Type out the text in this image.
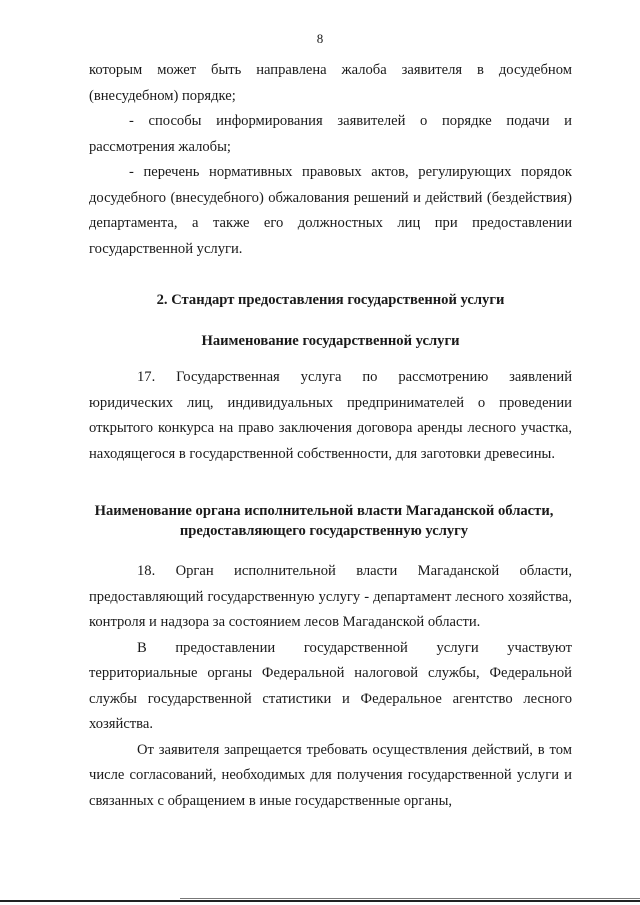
8

которым может быть направлена жалоба заявителя в досудебном (внесудебном) порядке;

- способы информирования заявителей о порядке подачи и рассмотрения жалобы;

- перечень нормативных правовых актов, регулирующих порядок досудебного (внесудебного) обжалования решений и действий (бездействия) департамента, а также его должностных лиц при предоставлении государственной услуги.

2. Стандарт предоставления государственной услуги
Наименование государственной услуги

17. Государственная услуга по рассмотрению заявлений юридических лиц, индивидуальных предпринимателей о проведении открытого конкурса на право заключения договора аренды лесного участка, находящегося в государственной собственности, для заготовки древесины.

Наименование органа исполнительной власти Магаданской области, предоставляющего государственную услугу

18. Орган исполнительной власти Магаданской области, предоставляющий государственную услугу - департамент лесного хозяйства, контроля и надзора за состоянием лесов Магаданской области.

В предоставлении государственной услуги участвуют территориальные органы Федеральной налоговой службы, Федеральной службы государственной статистики и Федеральное агентство лесного хозяйства.

От заявителя запрещается требовать осуществления действий, в том числе согласований, необходимых для получения государственной услуги и связанных с обращением в иные государственные органы,
